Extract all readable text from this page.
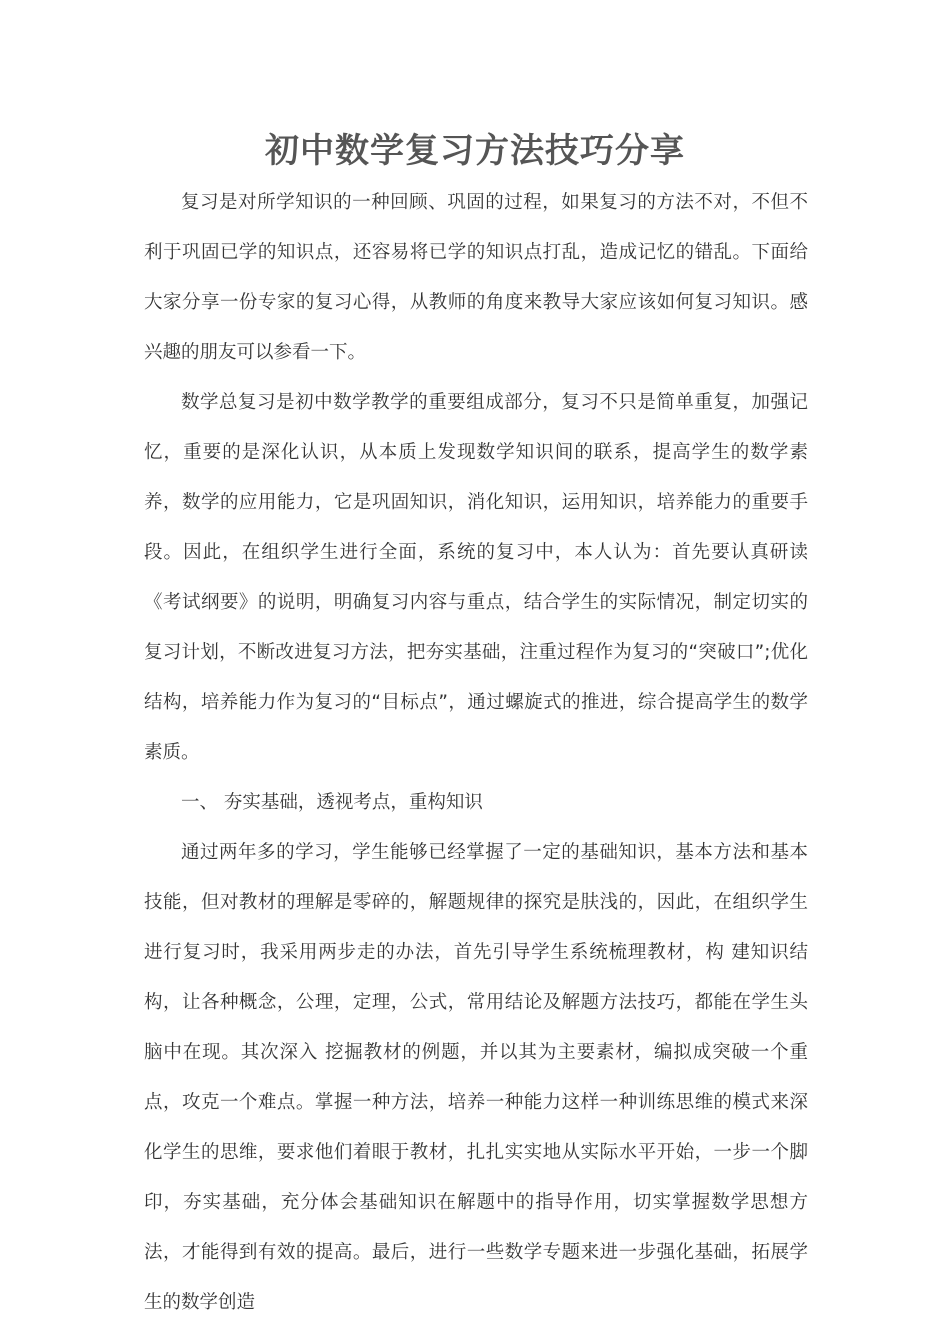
初中数学复习方法技巧分享

复习是对所学知识的一种回顾、巩固的过程，如果复习的方法不对，不但不利于巩固已学的知识点，还容易将已学的知识点打乱，造成记忆的错乱。下面给大家分享一份专家的复习心得，从教师的角度来教导大家应该如何复习知识。感兴趣的朋友可以参看一下。

数学总复习是初中数学教学的重要组成部分，复习不只是简单重复，加强记忆，重要的是深化认识，从本质上发现数学知识间的联系，提高学生的数学素养，数学的应用能力，它是巩固知识，消化知识，运用知识，培养能力的重要手段。因此，在组织学生进行全面，系统的复习中，本人认为：首先要认真研读《考试纲要》的说明，明确复习内容与重点，结合学生的实际情况，制定切实的复习计划，不断改进复习方法，把夯实基础，注重过程作为复习的“突破口”;优化结构，培养能力作为复习的“目标点”，通过螺旋式的推进，综合提高学生的数学素质。

一、 夯实基础，透视考点，重构知识

通过两年多的学习，学生能够已经掌握了一定的基础知识，基本方法和基本技能，但对教材的理解是零碎的，解题规律的探究是肤浅的，因此，在组织学生进行复习时，我采用两步走的办法，首先引导学生系统梳理教材，构 建知识结构，让各种概念，公理，定理，公式，常用结论及解题方法技巧，都能在学生头脑中在现。其次深入 挖掘教材的例题，并以其为主要素材，编拟成突破一个重点，攻克一个难点。掌握一种方法，培养一种能力这样一种训练思维的模式来深化学生的思维，要求他们着眼于教材，扎扎实实地从实际水平开始，一步一个脚印，夯实基础，充分体会基础知识在解题中的指导作用，切实掌握数学思想方法，才能得到有效的提高。最后，进行一些数学专题来进一步强化基础，拓展学生的数学创造
